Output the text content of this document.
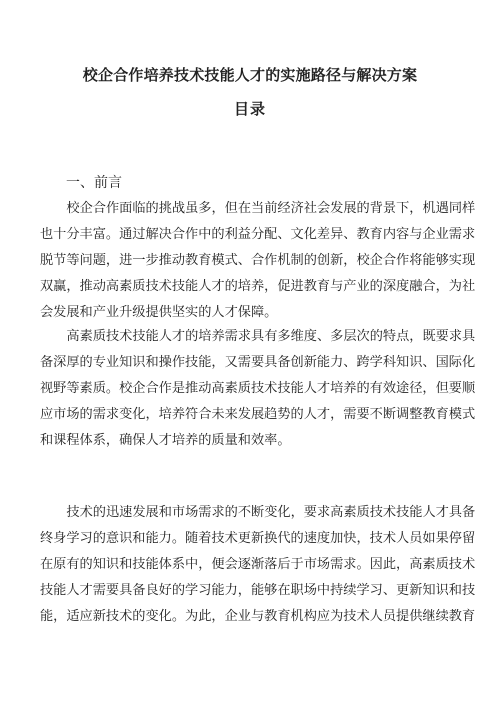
校企合作培养技术技能人才的实施路径与解决方案
目录
一、前言
校企合作面临的挑战虽多，但在当前经济社会发展的背景下，机遇同样
也十分丰富。通过解决合作中的利益分配、文化差异、教育内容与企业需求
脱节等问题，进一步推动教育模式、合作机制的创新，校企合作将能够实现
双赢，推动高素质技术技能人才的培养，促进教育与产业的深度融合，为社
会发展和产业升级提供坚实的人才保障。
高素质技术技能人才的培养需求具有多维度、多层次的特点，既要求具
备深厚的专业知识和操作技能，又需要具备创新能力、跨学科知识、国际化
视野等素质。校企合作是推动高素质技术技能人才培养的有效途径，但要顺
应市场的需求变化，培养符合未来发展趋势的人才，需要不断调整教育模式
和课程体系，确保人才培养的质量和效率。
技术的迅速发展和市场需求的不断变化，要求高素质技术技能人才具备
终身学习的意识和能力。随着技术更新换代的速度加快，技术人员如果停留
在原有的知识和技能体系中，便会逐渐落后于市场需求。因此，高素质技术
技能人才需要具备良好的学习能力，能够在职场中持续学习、更新知识和技
能，适应新技术的变化。为此，企业与教育机构应为技术人员提供继续教育
